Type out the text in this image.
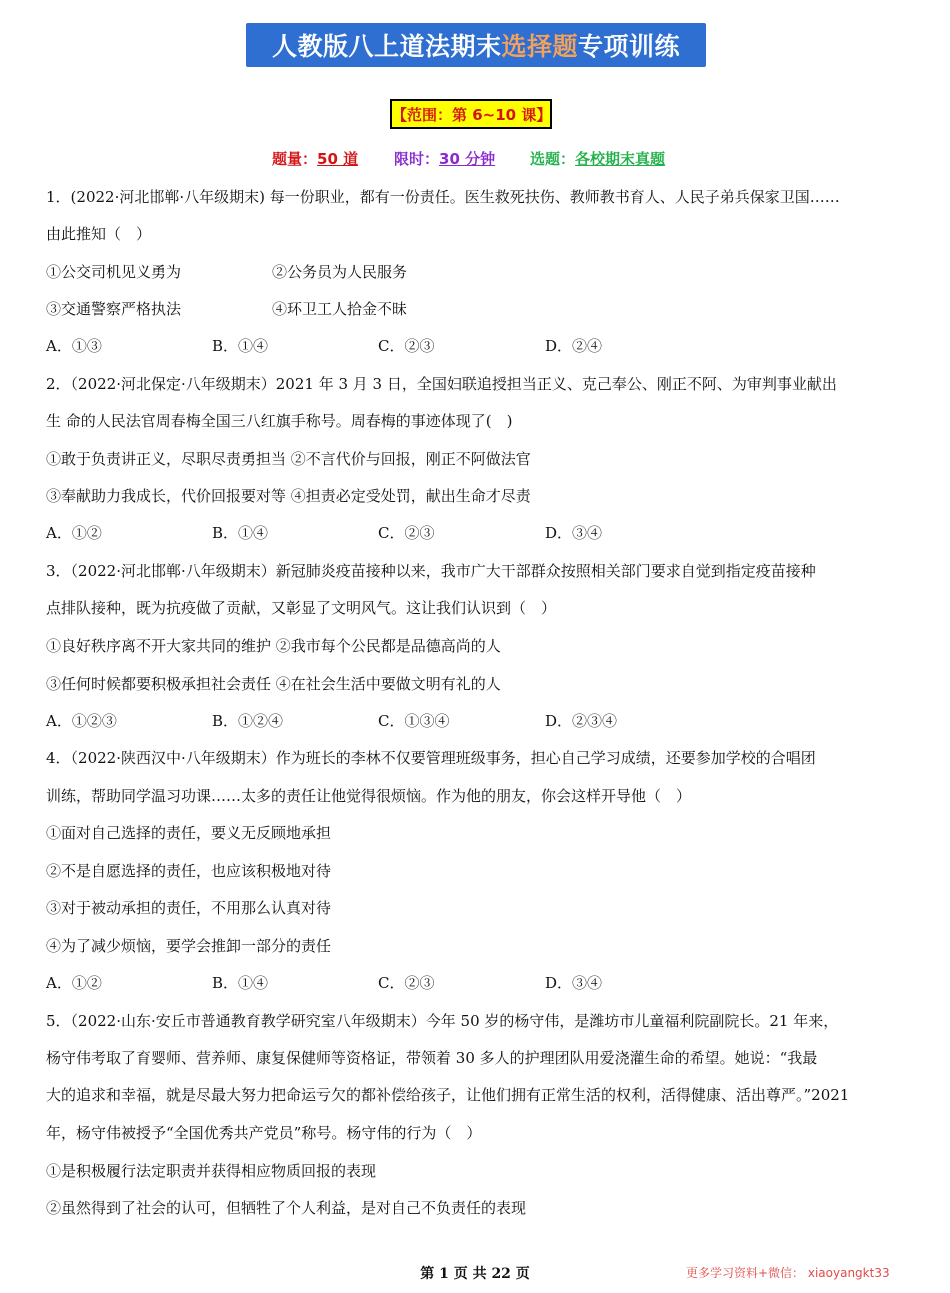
人教版八上道法期末 选择题 专项训练
【范围：第 6~10 课】
题量：50 道 限时：30 分钟 选题：各校期末真题
1．(2022·河北邯郸·八年级期末) 每一份职业，都有一份责任。医生救死扶伤、教师教书育人、人民子弟兵保家卫国……
由此推知（　）
①公交司机见义勇为	②公务员为人民服务
③交通警察严格执法	④环卫工人拾金不昧
A．①③	B．①④	C．②③	D．②④
2．（2022·河北保定·八年级期末）2021 年 3 月 3 日，全国妇联追授担当正义、克己奉公、刚正不阿、为审判事业献出
生 命的人民法官周春梅全国三八红旗手称号。周春梅的事迹体现了(　)
①敢于负责讲正义，尽职尽责勇担当 ②不言代价与回报，刚正不阿做法官
③奉献助力我成长，代价回报要对等 ④担责必定受处罚，献出生命才尽责
A．①②	B．①④	C．②③	D．③④
3．（2022·河北邯郸·八年级期末）新冠肺炎疫苗接种以来，我市广大干部群众按照相关部门要求自觉到指定疫苗接种
点排队接种，既为抗疫做了贡献，又彰显了文明风气。这让我们认识到（　）
①良好秩序离不开大家共同的维护 ②我市每个公民都是品德高尚的人
③任何时候都要积极承担社会责任 ④在社会生活中要做文明有礼的人
A．①②③	B．①②④	C．①③④	D．②③④
4．（2022·陕西汉中·八年级期末）作为班长的李林不仅要管理班级事务，担心自己学习成绩，还要参加学校的合唱团
训练，帮助同学温习功课……太多的责任让他觉得很烦恼。作为他的朋友，你会这样开导他（　）
①面对自己选择的责任，要义无反顾地承担
②不是自愿选择的责任，也应该积极地对待
③对于被动承担的责任，不用那么认真对待
④为了减少烦恼，要学会推卸一部分的责任
A．①②	B．①④	C．②③	D．③④
5．（2022·山东·安丘市普通教育教学研究室八年级期末）今年 50 岁的杨守伟，是潍坊市儿童福利院副院长。21 年来，
杨守伟考取了育婴师、营养师、康复保健师等资格证，带领着 30 多人的护理团队用爱浇灌生命的希望。她说：“我最
大的追求和幸福，就是尽最大努力把命运亏欠的都补偿给孩子，让他们拥有正常生活的权利，活得健康、活出尊严。”2021
年，杨守伟被授予“全国优秀共产党员”称号。杨守伟的行为（　）
①是积极履行法定职责并获得相应物质回报的表现
②虽然得到了社会的认可，但牺牲了个人利益，是对自己不负责任的表现
第 1 页 共 22 页	更多学习资料+微信： xiaoyangkt33
